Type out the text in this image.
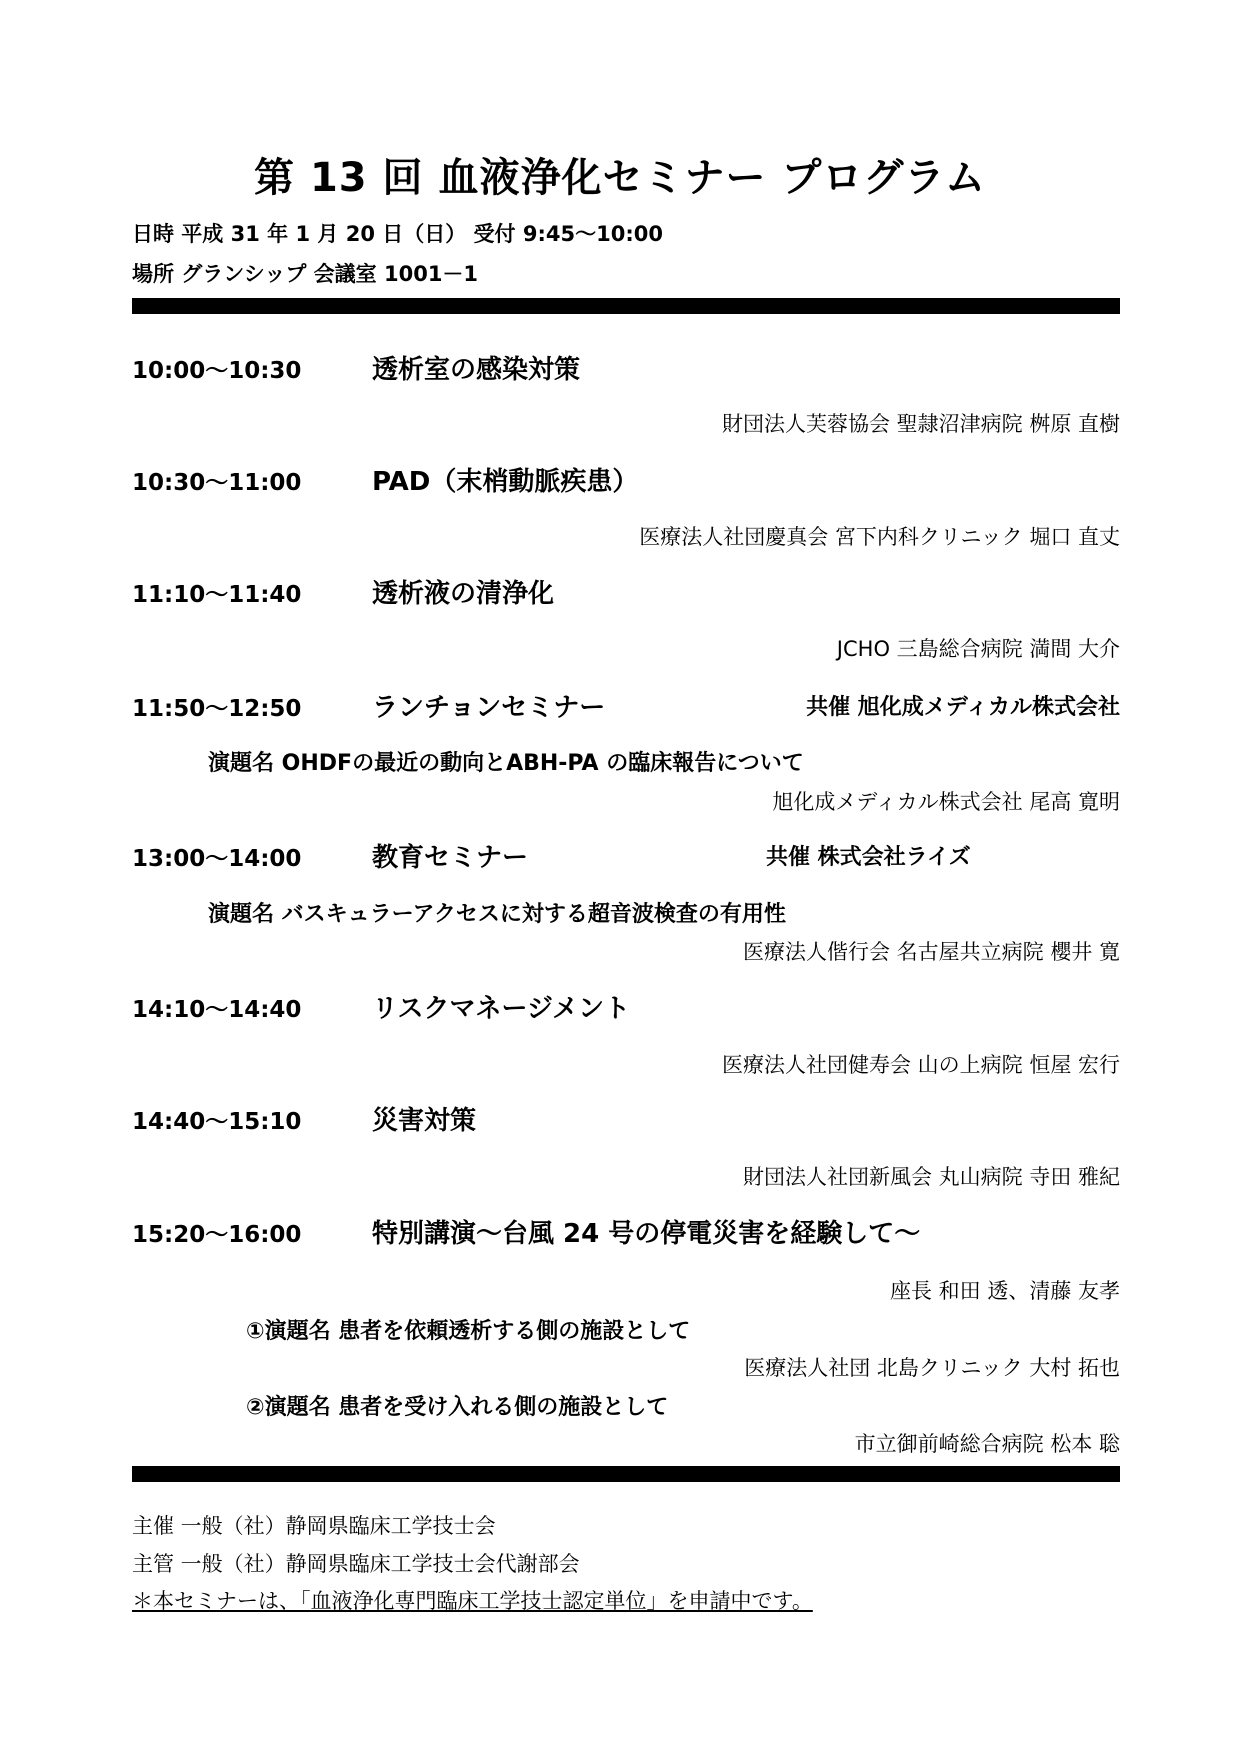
第 13 回 血液浄化セミナー プログラム
日時 平成 31 年 1 月 20 日（日） 受付 9:45～10:00
場所 グランシップ 会議室 1001－1
10:00～10:30	透析室の感染対策
財団法人芙蓉協会 聖隷沼津病院 桝原 直樹
10:30～11:00	PAD（末梢動脈疾患）
医療法人社団慶真会 宮下内科クリニック 堀口 直丈
11:10～11:40	透析液の清浄化
JCHO 三島総合病院 満間 大介
11:50～12:50	ランチョンセミナー	共催 旭化成メディカル株式会社
演題名 OHDFの最近の動向とABH-PA の臨床報告について
旭化成メディカル株式会社 尾高 寛明
13:00～14:00	教育セミナー	共催 株式会社ライズ
演題名 バスキュラーアクセスに対する超音波検査の有用性
医療法人偕行会 名古屋共立病院 櫻井 寛
14:10～14:40	リスクマネージメント
医療法人社団健寿会 山の上病院 恒屋 宏行
14:40～15:10	災害対策
財団法人社団新風会 丸山病院 寺田 雅紀
15:20～16:00	特別講演～台風 24 号の停電災害を経験して～
座長 和田 透、清藤 友孝
①演題名 患者を依頼透析する側の施設として
医療法人社団 北島クリニック 大村 拓也
②演題名 患者を受け入れる側の施設として
市立御前崎総合病院 松本 聡
主催 一般（社）静岡県臨床工学技士会
主管 一般（社）静岡県臨床工学技士会代謝部会
＊本セミナーは、「血液浄化専門臨床工学技士認定単位」を申請中です。
